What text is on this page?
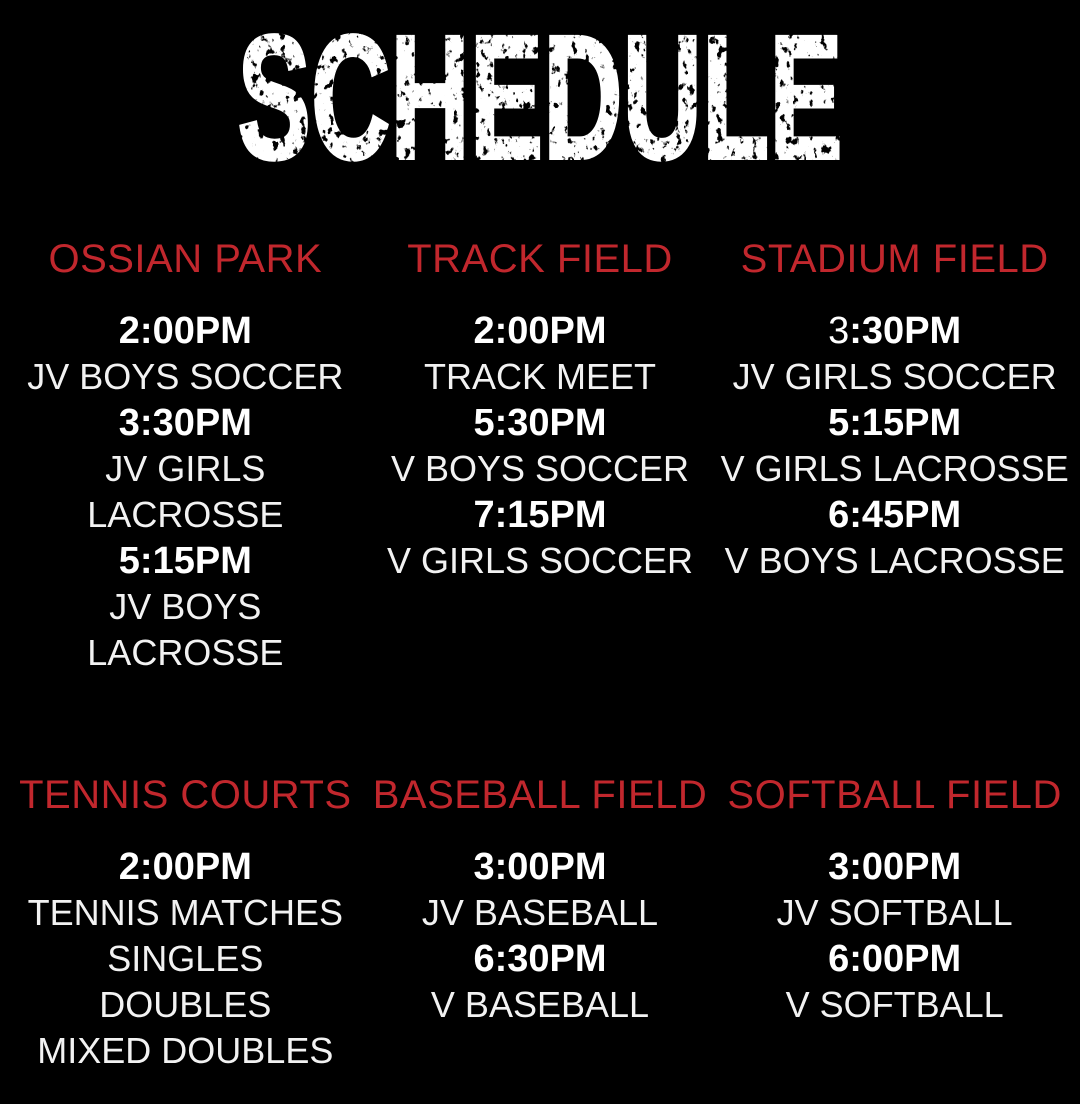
SCHEDULE
OSSIAN PARK
2:00PM
JV BOYS SOCCER
3:30PM
JV GIRLS LACROSSE
5:15PM
JV BOYS LACROSSE
TRACK FIELD
2:00PM
TRACK MEET
5:30PM
V BOYS SOCCER
7:15PM
V GIRLS SOCCER
STADIUM FIELD
3:30PM
JV GIRLS SOCCER
5:15PM
V GIRLS LACROSSE
6:45PM
V BOYS LACROSSE
TENNIS COURTS
2:00PM
TENNIS MATCHES
SINGLES
DOUBLES
MIXED DOUBLES
BASEBALL FIELD
3:00PM
JV BASEBALL
6:30PM
V BASEBALL
SOFTBALL FIELD
3:00PM
JV SOFTBALL
6:00PM
V SOFTBALL
